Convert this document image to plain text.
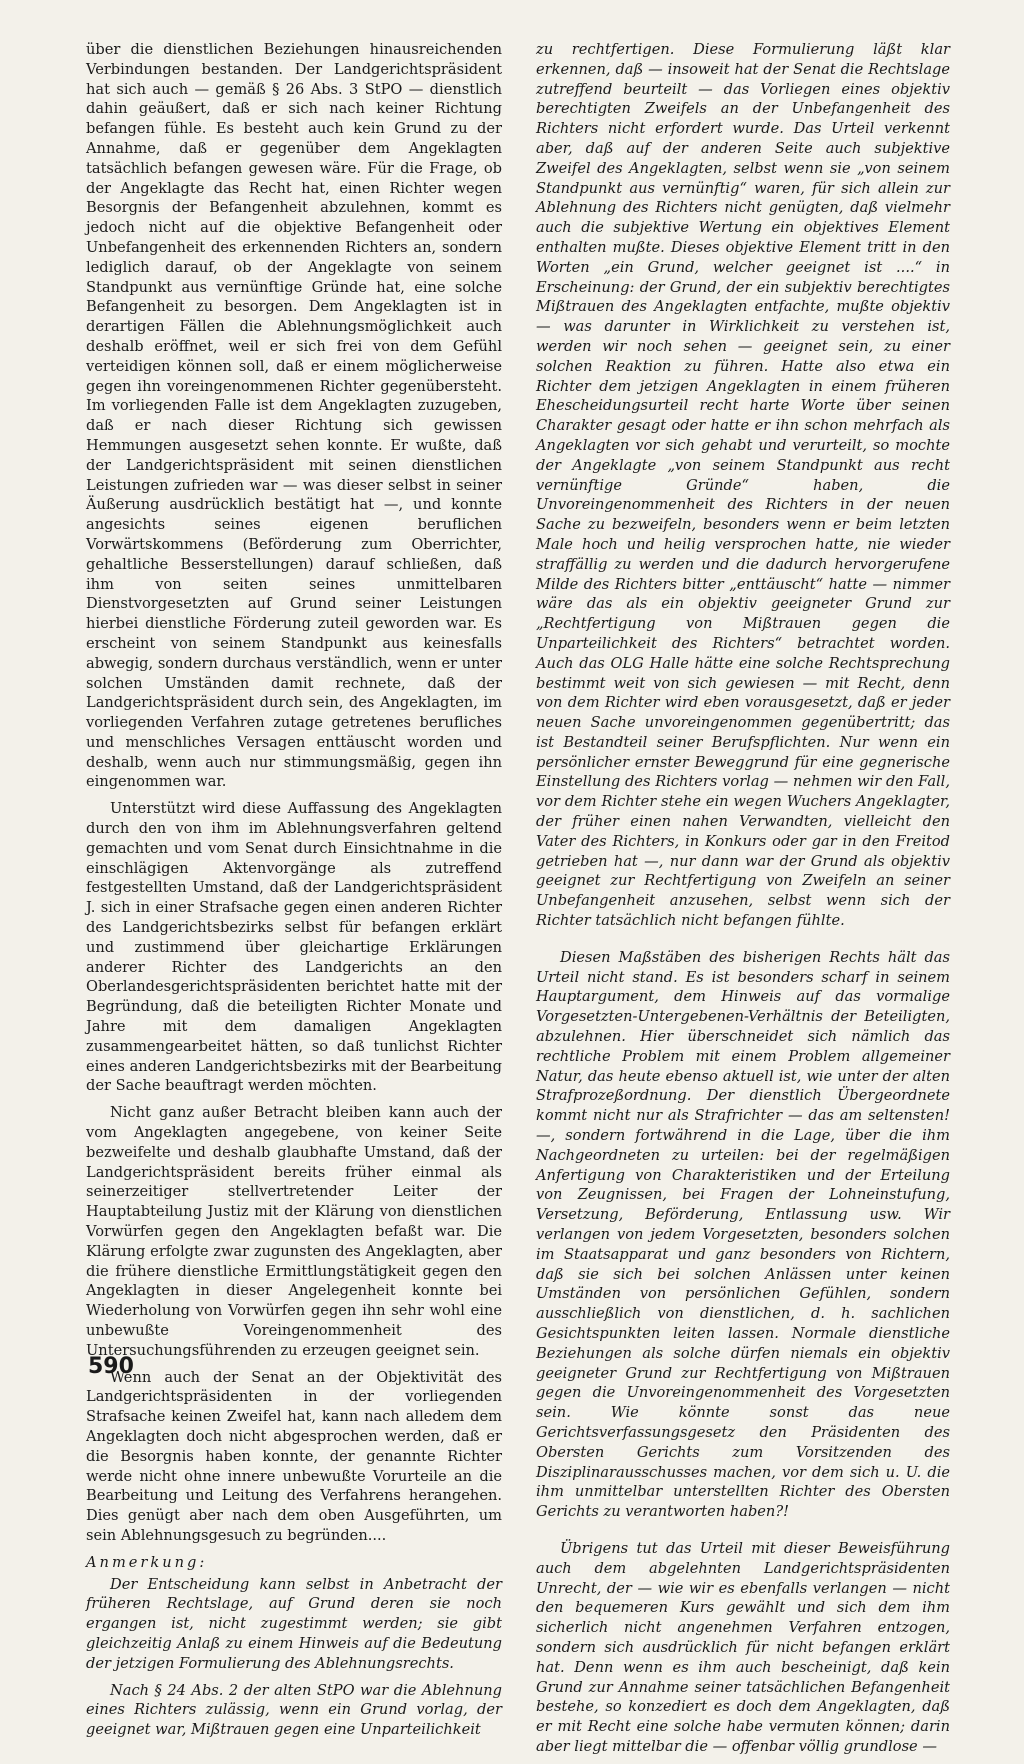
über die dienstlichen Beziehungen hinausreichenden Verbindungen bestanden. Der Landgerichtspräsident hat sich auch — gemäß § 26 Abs. 3 StPO — dienstlich dahin geäußert, daß er sich nach keiner Richtung befangen fühle. Es besteht auch kein Grund zu der Annahme, daß er gegenüber dem Angeklagten tatsächlich befangen gewesen wäre. Für die Frage, ob der Angeklagte das Recht hat, einen Richter wegen Besorgnis der Befangenheit abzulehnen, kommt es jedoch nicht auf die objektive Befangenheit oder Unbefangenheit des erkennenden Richters an, sondern lediglich darauf, ob der Angeklagte von seinem Standpunkt aus vernünftige Gründe hat, eine solche Befangenheit zu besorgen. Dem Angeklagten ist in derartigen Fällen die Ablehnungsmöglichkeit auch deshalb eröffnet, weil er sich frei von dem Gefühl verteidigen können soll, daß er einem möglicherweise gegen ihn voreingenommenen Richter gegenübersteht. Im vorliegenden Falle ist dem Angeklagten zuzugeben, daß er nach dieser Richtung sich gewissen Hemmungen ausgesetzt sehen konnte. Er wußte, daß der Landgerichtspräsident mit seinen dienstlichen Leistungen zufrieden war — was dieser selbst in seiner Äußerung ausdrücklich bestätigt hat —, und konnte angesichts seines eigenen beruflichen Vorwärtskommens (Beförderung zum Oberrichter, gehaltliche Besserstellungen) darauf schließen, daß ihm von seiten seines unmittelbaren Dienstvorgesetzten auf Grund seiner Leistungen hierbei dienstliche Förderung zuteil geworden war. Es erscheint von seinem Standpunkt aus keinesfalls abwegig, sondern durchaus verständlich, wenn er unter solchen Umständen damit rechnete, daß der Landgerichtspräsident durch sein, des Angeklagten, im vorliegenden Verfahren zutage getretenes berufliches und menschliches Versagen enttäuscht worden und deshalb, wenn auch nur stimmungsmäßig, gegen ihn eingenommen war.

Unterstützt wird diese Auffassung des Angeklagten durch den von ihm im Ablehnungsverfahren geltend gemachten und vom Senat durch Einsichtnahme in die einschlägigen Aktenvorgänge als zutreffend festgestellten Umstand, daß der Landgerichtspräsident J. sich in einer Strafsache gegen einen anderen Richter des Landgerichtsbezirks selbst für befangen erklärt und zustimmend über gleichartige Erklärungen anderer Richter des Landgerichts an den Oberlandesgerichtspräsidenten berichtet hatte mit der Begründung, daß die beteiligten Richter Monate und Jahre mit dem damaligen Angeklagten zusammengearbeitet hätten, so daß tunlichst Richter eines anderen Landgerichtsbezirks mit der Bearbeitung der Sache beauftragt werden möchten.

Nicht ganz außer Betracht bleiben kann auch der vom Angeklagten angegebene, von keiner Seite bezweifelte und deshalb glaubhafte Umstand, daß der Landgerichtspräsident bereits früher einmal als seinerzeitiger stellvertretender Leiter der Hauptabteilung Justiz mit der Klärung von dienstlichen Vorwürfen gegen den Angeklagten befaßt war. Die Klärung erfolgte zwar zugunsten des Angeklagten, aber die frühere dienstliche Ermittlungstätigkeit gegen den Angeklagten in dieser Angelegenheit konnte bei Wiederholung von Vorwürfen gegen ihn sehr wohl eine unbewußte Voreingenommenheit des Untersuchungsführenden zu erzeugen geeignet sein.

Wenn auch der Senat an der Objektivität des Landgerichtspräsidenten in der vorliegenden Strafsache keinen Zweifel hat, kann nach alledem dem Angeklagten doch nicht abgesprochen werden, daß er die Besorgnis haben konnte, der genannte Richter werde nicht ohne innere unbewußte Vorurteile an die Bearbeitung und Leitung des Verfahrens herangehen. Dies genügt aber nach dem oben Ausgeführten, um sein Ablehnungsgesuch zu begründen....

Anmerkung:

Der Entscheidung kann selbst in Anbetracht der früheren Rechtslage, auf Grund deren sie noch ergangen ist, nicht zugestimmt werden; sie gibt gleichzeitig Anlaß zu einem Hinweis auf die Bedeutung der jetzigen Formulierung des Ablehnungsrechts.

Nach § 24 Abs. 2 der alten StPO war die Ablehnung eines Richters zulässig, wenn ein Grund vorlag, der geeignet war, Mißtrauen gegen eine Unparteilichkeit

zu rechtfertigen. Diese Formulierung läßt klar erkennen, daß — insoweit hat der Senat die Rechtslage zutreffend beurteilt — das Vorliegen eines objektiv berechtigten Zweifels an der Unbefangenheit des Richters nicht erfordert wurde. Das Urteil verkennt aber, daß auf der anderen Seite auch subjektive Zweifel des Angeklagten, selbst wenn sie „von seinem Standpunkt aus vernünftig“ waren, für sich allein zur Ablehnung des Richters nicht genügten, daß vielmehr auch die subjektive Wertung ein objektives Element enthalten mußte. Dieses objektive Element tritt in den Worten „ein Grund, welcher geeignet ist ....“ in Erscheinung: der Grund, der ein subjektiv berechtigtes Mißtrauen des Angeklagten entfachte, mußte objektiv — was darunter in Wirklichkeit zu verstehen ist, werden wir noch sehen — geeignet sein, zu einer solchen Reaktion zu führen. Hatte also etwa ein Richter dem jetzigen Angeklagten in einem früheren Ehescheidungsurteil recht harte Worte über seinen Charakter gesagt oder hatte er ihn schon mehrfach als Angeklagten vor sich gehabt und verurteilt, so mochte der Angeklagte „von seinem Standpunkt aus recht vernünftige Gründe“ haben, die Unvoreingenommenheit des Richters in der neuen Sache zu bezweifeln, besonders wenn er beim letzten Male hoch und heilig versprochen hatte, nie wieder straffällig zu werden und die dadurch hervorgerufene Milde des Richters bitter „enttäuscht“ hatte — nimmer wäre das als ein objektiv geeigneter Grund zur „Rechtfertigung von Mißtrauen gegen die Unparteilichkeit des Richters“ betrachtet worden. Auch das OLG Halle hätte eine solche Rechtsprechung bestimmt weit von sich gewiesen — mit Recht, denn von dem Richter wird eben vorausgesetzt, daß er jeder neuen Sache unvoreingenommen gegenübertritt; das ist Bestandteil seiner Berufspflichten. Nur wenn ein persönlicher ernster Beweggrund für eine gegnerische Einstellung des Richters vorlag — nehmen wir den Fall, vor dem Richter stehe ein wegen Wuchers Angeklagter, der früher einen nahen Verwandten, vielleicht den Vater des Richters, in Konkurs oder gar in den Freitod getrieben hat —, nur dann war der Grund als objektiv geeignet zur Rechtfertigung von Zweifeln an seiner Unbefangenheit anzusehen, selbst wenn sich der Richter tatsächlich nicht befangen fühlte.

Diesen Maßstäben des bisherigen Rechts hält das Urteil nicht stand. Es ist besonders scharf in seinem Hauptargument, dem Hinweis auf das vormalige Vorgesetzten-Untergebenen-Verhältnis der Beteiligten, abzulehnen. Hier überschneidet sich nämlich das rechtliche Problem mit einem Problem allgemeiner Natur, das heute ebenso aktuell ist, wie unter der alten Strafprozeßordnung. Der dienstlich Übergeordnete kommt nicht nur als Strafrichter — das am seltensten! —, sondern fortwährend in die Lage, über die ihm Nachgeordneten zu urteilen: bei der regelmäßigen Anfertigung von Charakteristiken und der Erteilung von Zeugnissen, bei Fragen der Lohneinstufung, Versetzung, Beförderung, Entlassung usw. Wir verlangen von jedem Vorgesetzten, besonders solchen im Staatsapparat und ganz besonders von Richtern, daß sie sich bei solchen Anlässen unter keinen Umständen von persönlichen Gefühlen, sondern ausschließlich von dienstlichen, d. h. sachlichen Gesichtspunkten leiten lassen. Normale dienstliche Beziehungen als solche dürfen niemals ein objektiv geeigneter Grund zur Rechtfertigung von Mißtrauen gegen die Unvoreingenommenheit des Vorgesetzten sein. Wie könnte sonst das neue Gerichtsverfassungsgesetz den Präsidenten des Obersten Gerichts zum Vorsitzenden des Disziplinarausschusses machen, vor dem sich u. U. die ihm unmittelbar unterstellten Richter des Obersten Gerichts zu verantworten haben?!

Übrigens tut das Urteil mit dieser Beweisführung auch dem abgelehnten Landgerichtspräsidenten Unrecht, der — wie wir es ebenfalls verlangen — nicht den bequemeren Kurs gewählt und sich dem ihm sicherlich nicht angenehmen Verfahren entzogen, sondern sich ausdrücklich für nicht befangen erklärt hat. Denn wenn es ihm auch bescheinigt, daß kein Grund zur Annahme seiner tatsächlichen Befangenheit bestehe, so konzediert es doch dem Angeklagten, daß er mit Recht eine solche habe vermuten können; darin aber liegt mittelbar die — offenbar völlig grundlose —

590
